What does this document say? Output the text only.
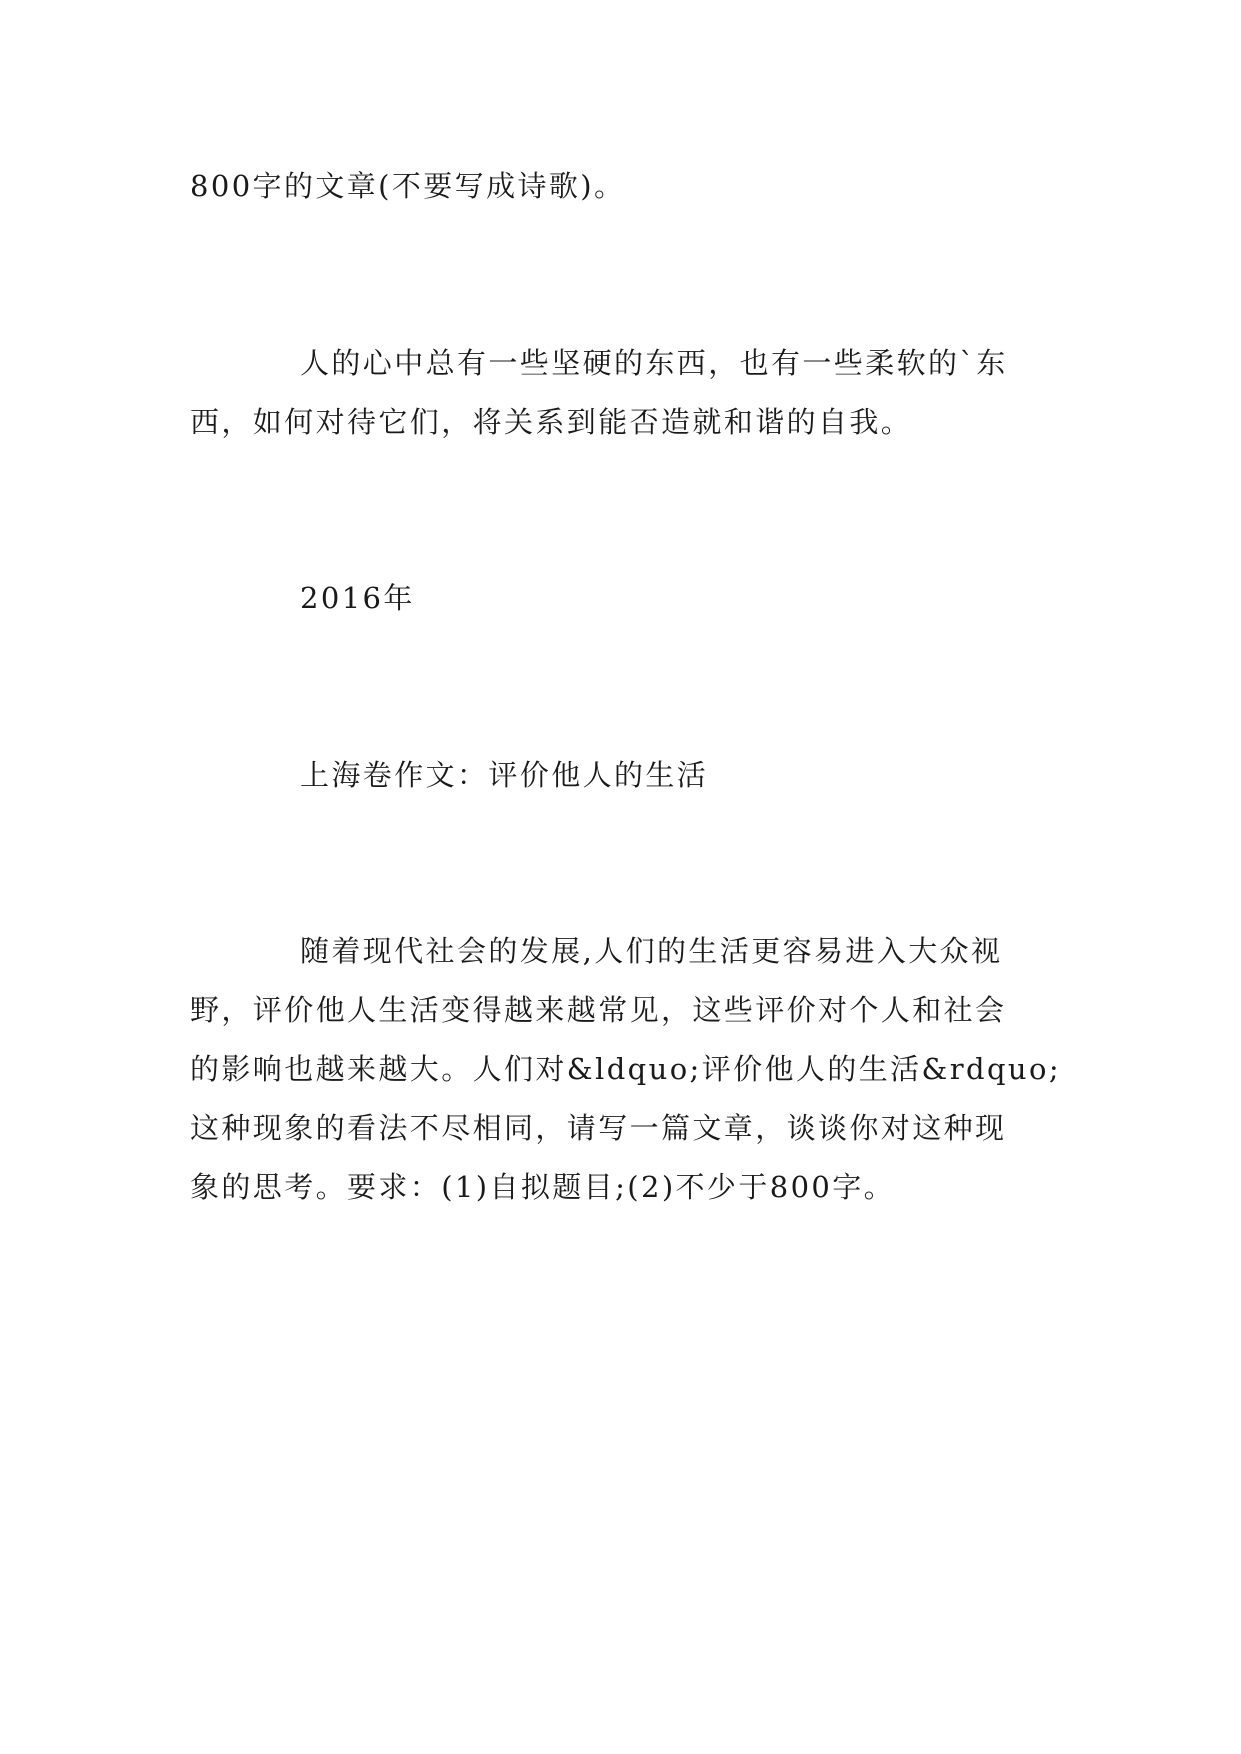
800字的文章(不要写成诗歌)。
人的心中总有一些坚硬的东西，也有一些柔软的`东
西，如何对待它们，将关系到能否造就和谐的自我。
2016年
上海卷作文：评价他人的生活
随着现代社会的发展,人们的生活更容易进入大众视
野，评价他人生活变得越来越常见，这些评价对个人和社会
的影响也越来越大。人们对&ldquo;评价他人的生活&rdquo;
这种现象的看法不尽相同，请写一篇文章，谈谈你对这种现
象的思考。要求：(1)自拟题目;(2)不少于800字。
